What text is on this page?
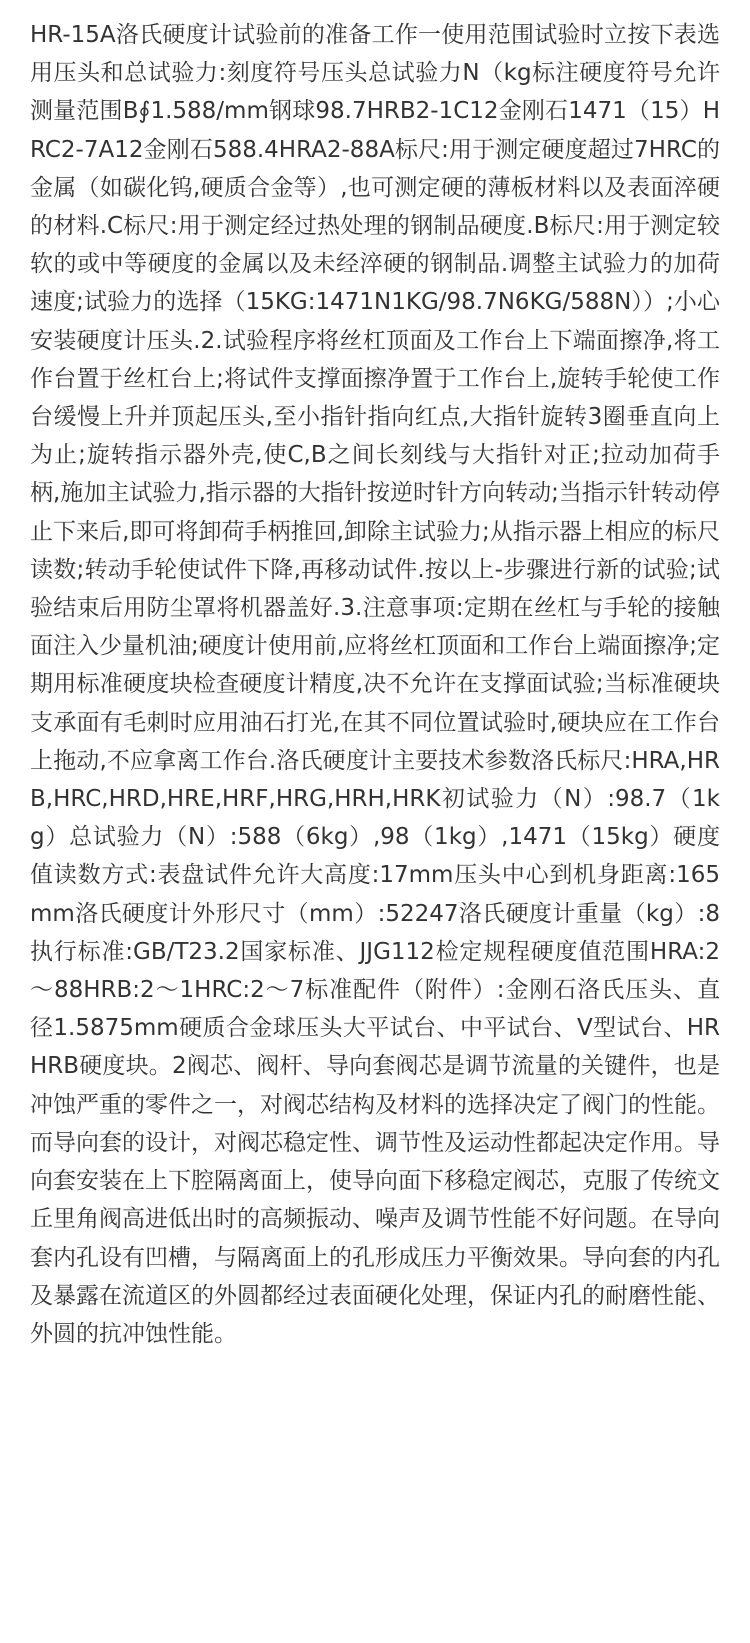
HR-15A洛氏硬度计试验前的准备工作一使用范围试验时立按下表选用压头和总试验力:刻度符号压头总试验力N（kg标注硬度符号允许测量范围B∮1.588/mm钢球98.7HRB2-1C12金刚石1471（15）HRC2-7A12金刚石588.4HRA2-88A标尺:用于测定硬度超过7HRC的金属（如碳化钨,硬质合金等）,也可测定硬的薄板材料以及表面淬硬的材料.C标尺:用于测定经过热处理的钢制品硬度.B标尺:用于测定较软的或中等硬度的金属以及未经淬硬的钢制品.调整主试验力的加荷速度;试验力的选择（15KG:1471N1KG/98.7N6KG/588N））;小心安装硬度计压头.2.试验程序将丝杠顶面及工作台上下端面擦净,将工作台置于丝杠台上;将试件支撑面擦净置于工作台上,旋转手轮使工作台缓慢上升并顶起压头,至小指针指向红点,大指针旋转3圈垂直向上为止;旋转指示器外壳,使C,B之间长刻线与大指针对正;拉动加荷手柄,施加主试验力,指示器的大指针按逆时针方向转动;当指示针转动停止下来后,即可将卸荷手柄推回,卸除主试验力;从指示器上相应的标尺读数;转动手轮使试件下降,再移动试件.按以上-步骤进行新的试验;试验结束后用防尘罩将机器盖好.3.注意事项:定期在丝杠与手轮的接触面注入少量机油;硬度计使用前,应将丝杠顶面和工作台上端面擦净;定期用标准硬度块检查硬度计精度,决不允许在支撑面试验;当标准硬块支承面有毛刺时应用油石打光,在其不同位置试验时,硬块应在工作台上拖动,不应拿离工作台.洛氏硬度计主要技术参数洛氏标尺:HRA,HRB,HRC,HRD,HRE,HRF,HRG,HRH,HRK初试验力（N）:98.7（1kg）总试验力（N）:588（6kg）,98（1kg）,1471（15kg）硬度值读数方式:表盘试件允许大高度:17mm压头中心到机身距离:165mm洛氏硬度计外形尺寸（mm）:52247洛氏硬度计重量（kg）:8执行标准:GB/T23.2国家标准、JJG112检定规程硬度值范围HRA:2～88HRB:2～1HRC:2～7标准配件（附件）:金刚石洛氏压头、直径1.5875mm硬质合金球压头大平试台、中平试台、V型试台、HRHRB硬度块。2阀芯、阀杆、导向套阀芯是调节流量的关键件，也是冲蚀严重的零件之一，对阀芯结构及材料的选择决定了阀门的性能。而导向套的设计，对阀芯稳定性、调节性及运动性都起决定作用。导向套安装在上下腔隔离面上，使导向面下移稳定阀芯，克服了传统文丘里角阀高进低出时的高频振动、噪声及调节性能不好问题。在导向套内孔设有凹槽，与隔离面上的孔形成压力平衡效果。导向套的内孔及暴露在流道区的外圆都经过表面硬化处理，保证内孔的耐磨性能、外圆的抗冲蚀性能。
